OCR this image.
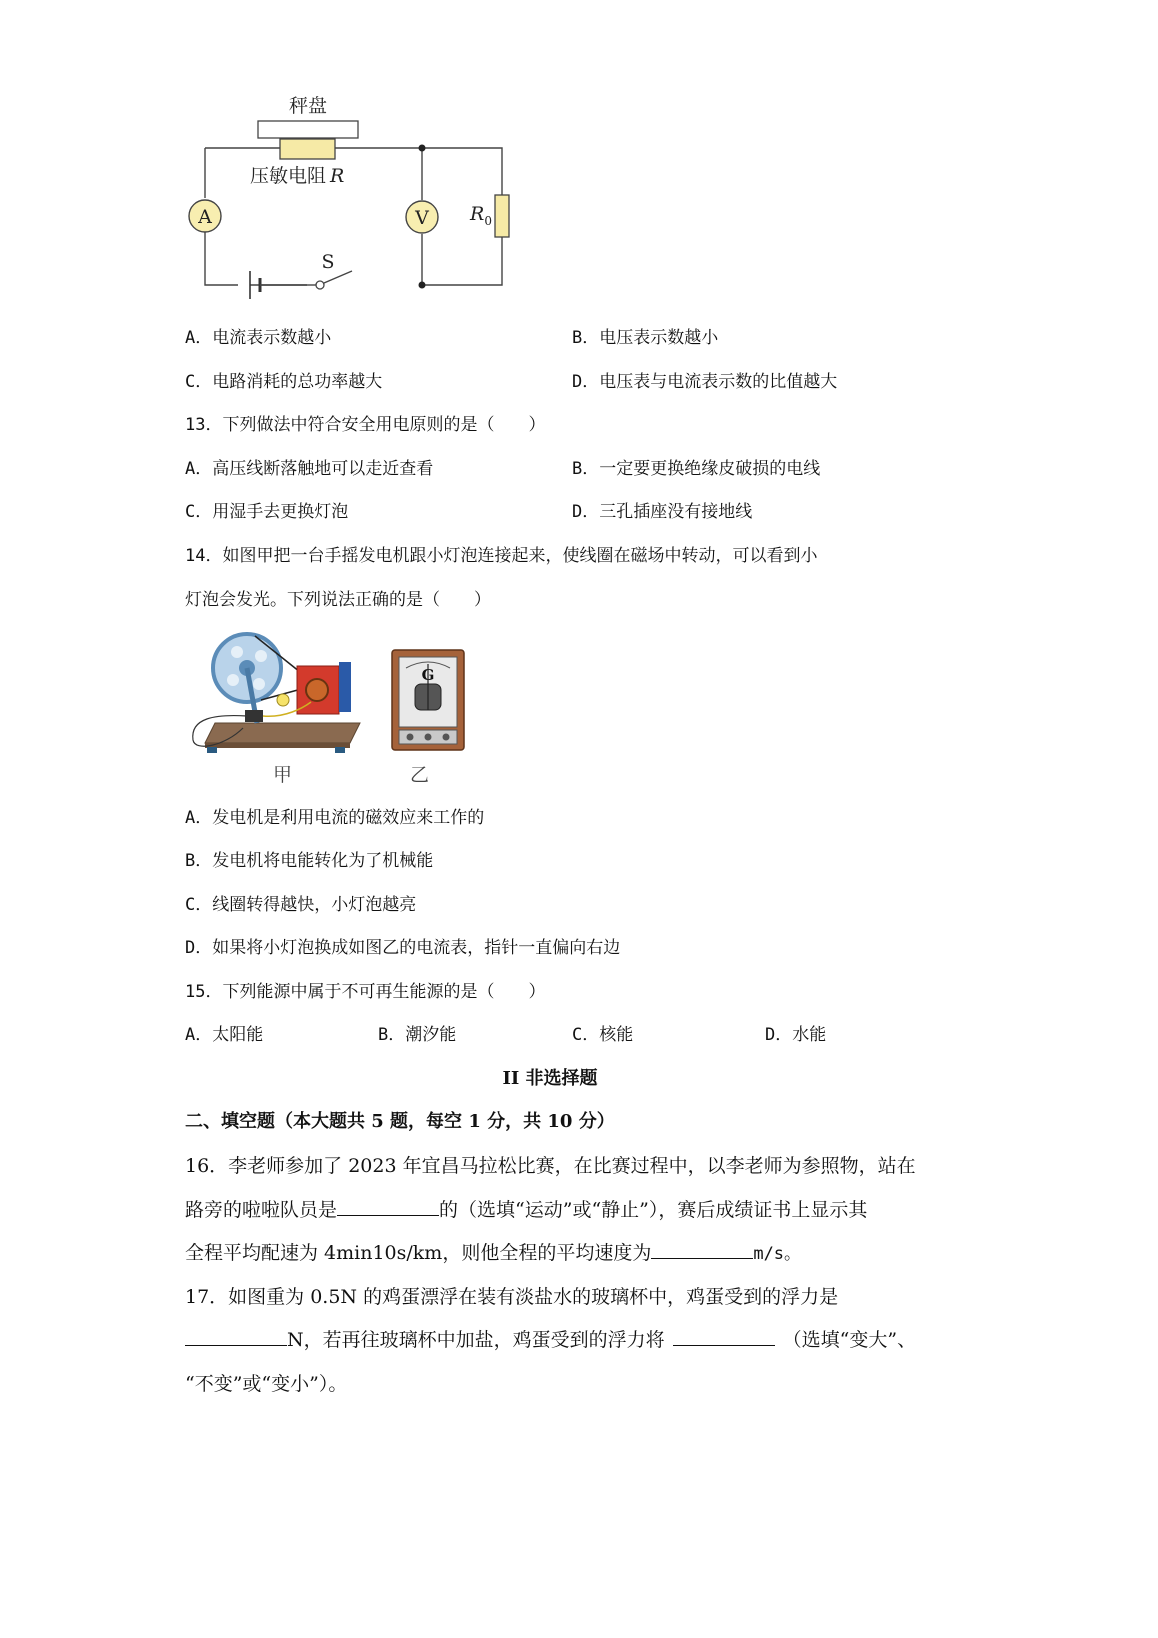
秤盘
压敏电阻 R
A	V $R_0$
S
A．电流表示数越小	B．电压表示数越小
C．电路消耗的总功率越大	D．电压表与电流表示数的比值越大
13．下列做法中符合安全用电原则的是（　　）
A．高压线断落触地可以走近查看	B．一定要更换绝缘皮破损的电线
C．用湿手去更换灯泡	D．三孔插座没有接地线
14．如图甲把一台手摇发电机跟小灯泡连接起来，使线圈在磁场中转动，可以看到小
灯泡会发光。下列说法正确的是（　　）
G
甲	乙
A．发电机是利用电流的磁效应来工作的
B．发电机将电能转化为了机械能
C．线圈转得越快，小灯泡越亮
D．如果将小灯泡换成如图乙的电流表，指针一直偏向右边
15．下列能源中属于不可再生能源的是（　　）
A．太阳能	B．潮汐能	C．核能	D．水能
II 非选择题
二、填空题（本大题共 5 题，每空 1 分，共 10 分）
16．李老师参加了 2023 年宜昌马拉松比赛，在比赛过程中，以李老师为参照物，站在
路旁的啦啦队员是	的（选填“运动”或“静止”），赛后成绩证书上显示其
全程平均配速为 4min10s/km，则他全程的平均速度为	m/s。
17．如图重为 0.5N 的鸡蛋漂浮在装有淡盐水的玻璃杯中，鸡蛋受到的浮力是
N，若再往玻璃杯中加盐，鸡蛋受到的浮力将	（选填“变大”、
“不变”或“变小”）。
